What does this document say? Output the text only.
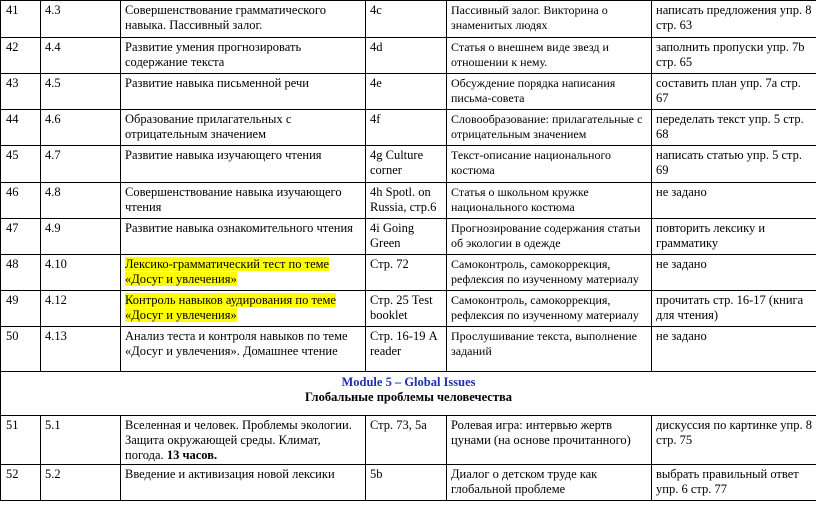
41	4.3	Совершенствование грамматического навыка. Пассивный залог.	4c	Пассивный залог. Викторина о знаменитых людях	написать предложения упр. 8 стр. 63
42	4.4	Развитие умения прогнозировать содержание текста	4d	Статья о внешнем виде звезд и отношении к нему.	заполнить пропуски упр. 7b стр. 65
43	4.5	Развитие навыка письменной речи	4e	Обсуждение порядка написания письма-совета	составить план упр. 7a стр. 67
44	4.6	Образование прилагательных с отрицательным значением	4f	Словообразование: прилагательные с отрицательным значением	переделать текст упр. 5 стр. 68
45	4.7	Развитие навыка изучающего чтения	4g Culture corner	Текст-описание национального костюма	написать статью упр. 5 стр. 69
46	4.8	Совершенствование навыка изучающего чтения	4h Spotl. on Russia, стр.6	Статья о школьном кружке национального костюма	не задано
47	4.9	Развитие навыка ознакомительного чтения	4i Going Green	Прогнозирование содержания статьи об экологии в одежде	повторить лексику и грамматику
48	4.10	Лексико-грамматический тест по теме «Досуг и увлечения»	Стр. 72	Самоконтроль, самокоррекция, рефлексия по изученному материалу	не задано
49	4.12	Контроль навыков аудирования по теме «Досуг и увлечения»	Стр. 25 Test booklet	Самоконтроль, самокоррекция, рефлексия по изученному материалу	прочитать стр. 16-17 (книга для чтения)
50	4.13	Анализ теста и контроля навыков по теме «Досуг и увлечения». Домашнее чтение	Стр. 16-19 A reader	Прослушивание текста, выполнение заданий	не задано

Module 5 – Global Issues
Глобальные проблемы человечества					

51	5.1	Вселенная и человек. Проблемы экологии. Защита окружающей среды. Климат, погода. 13 часов.	Стр. 73, 5a	Ролевая игра: интервью жертв цунами (на основе прочитанного)	дискуссия по картинке упр. 8 стр. 75
52	5.2	Введение и активизация новой лексики	5b	Диалог о детском труде как глобальной проблеме	выбрать правильный ответ упр. 6 стр. 77
